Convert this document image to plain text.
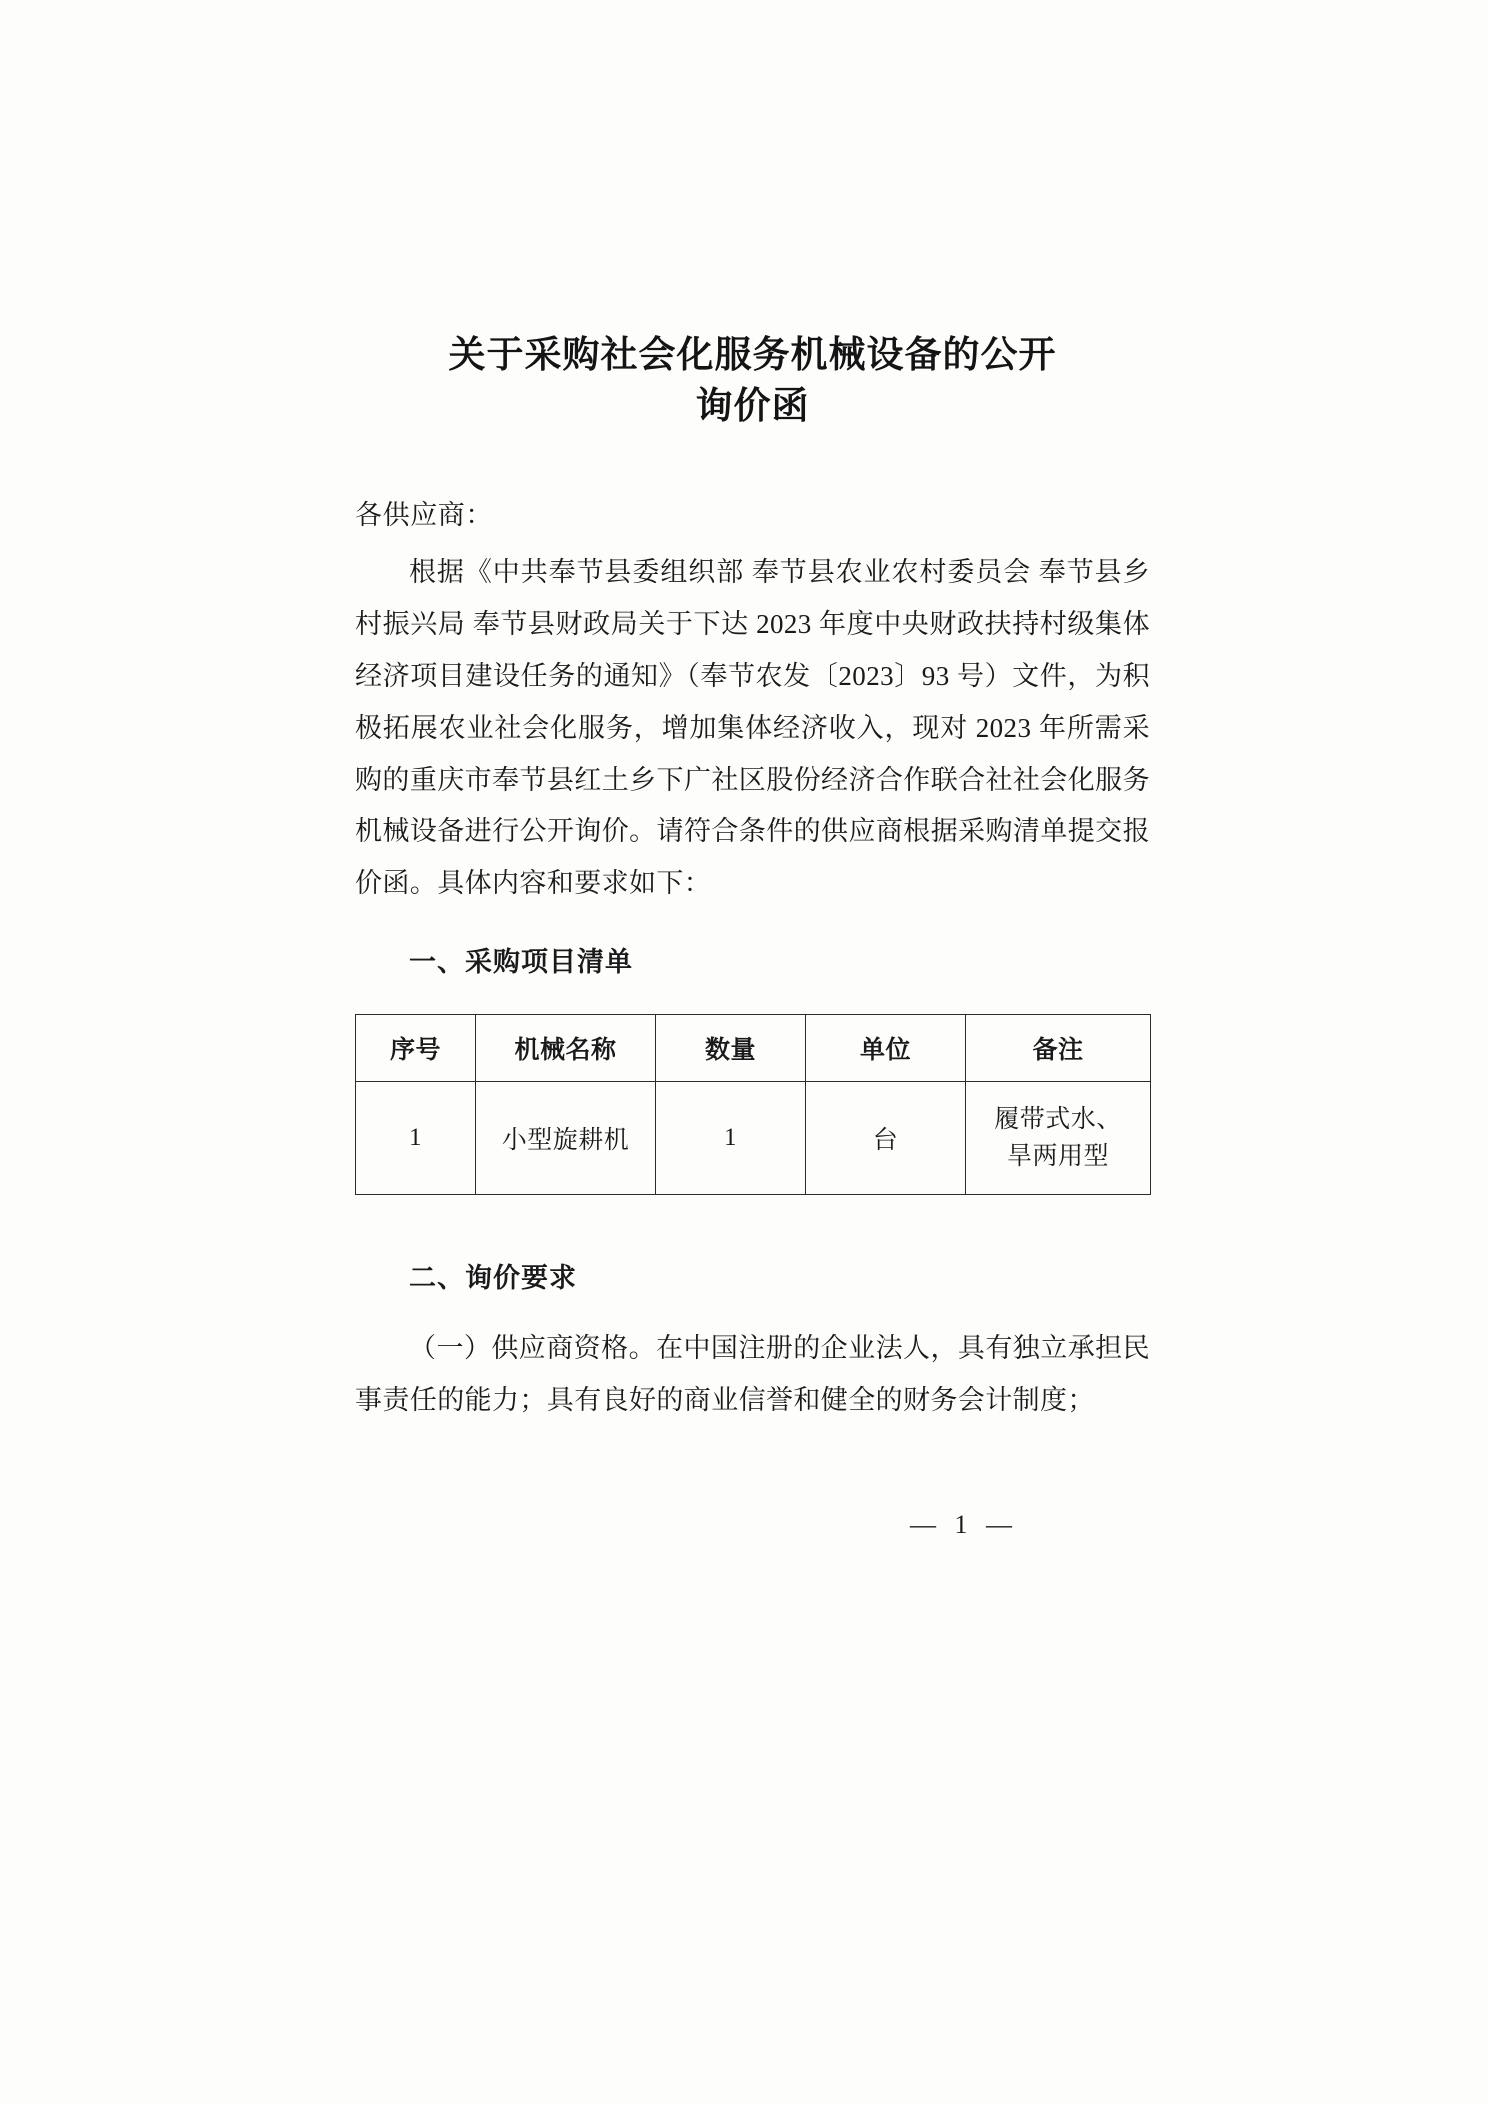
关于采购社会化服务机械设备的公开
询价函
各供应商：

根据《中共奉节县委组织部 奉节县农业农村委员会 奉节县乡村振兴局 奉节县财政局关于下达 2023 年度中央财政扶持村级集体经济项目建设任务的通知》（奉节农发〔2023〕93 号）文件，为积极拓展农业社会化服务，增加集体经济收入，现对 2023 年所需采购的重庆市奉节县红土乡下广社区股份经济合作联合社社会化服务机械设备进行公开询价。请符合条件的供应商根据采购清单提交报价函。具体内容和要求如下：

一、采购项目清单
序号	机械名称	数量	单位	备注
1	小型旋耕机	1	台	履带式水、
旱两用型
二、询价要求

（一）供应商资格。在中国注册的企业法人，具有独立承担民事责任的能力；具有良好的商业信誉和健全的财务会计制度；

— 1 —
